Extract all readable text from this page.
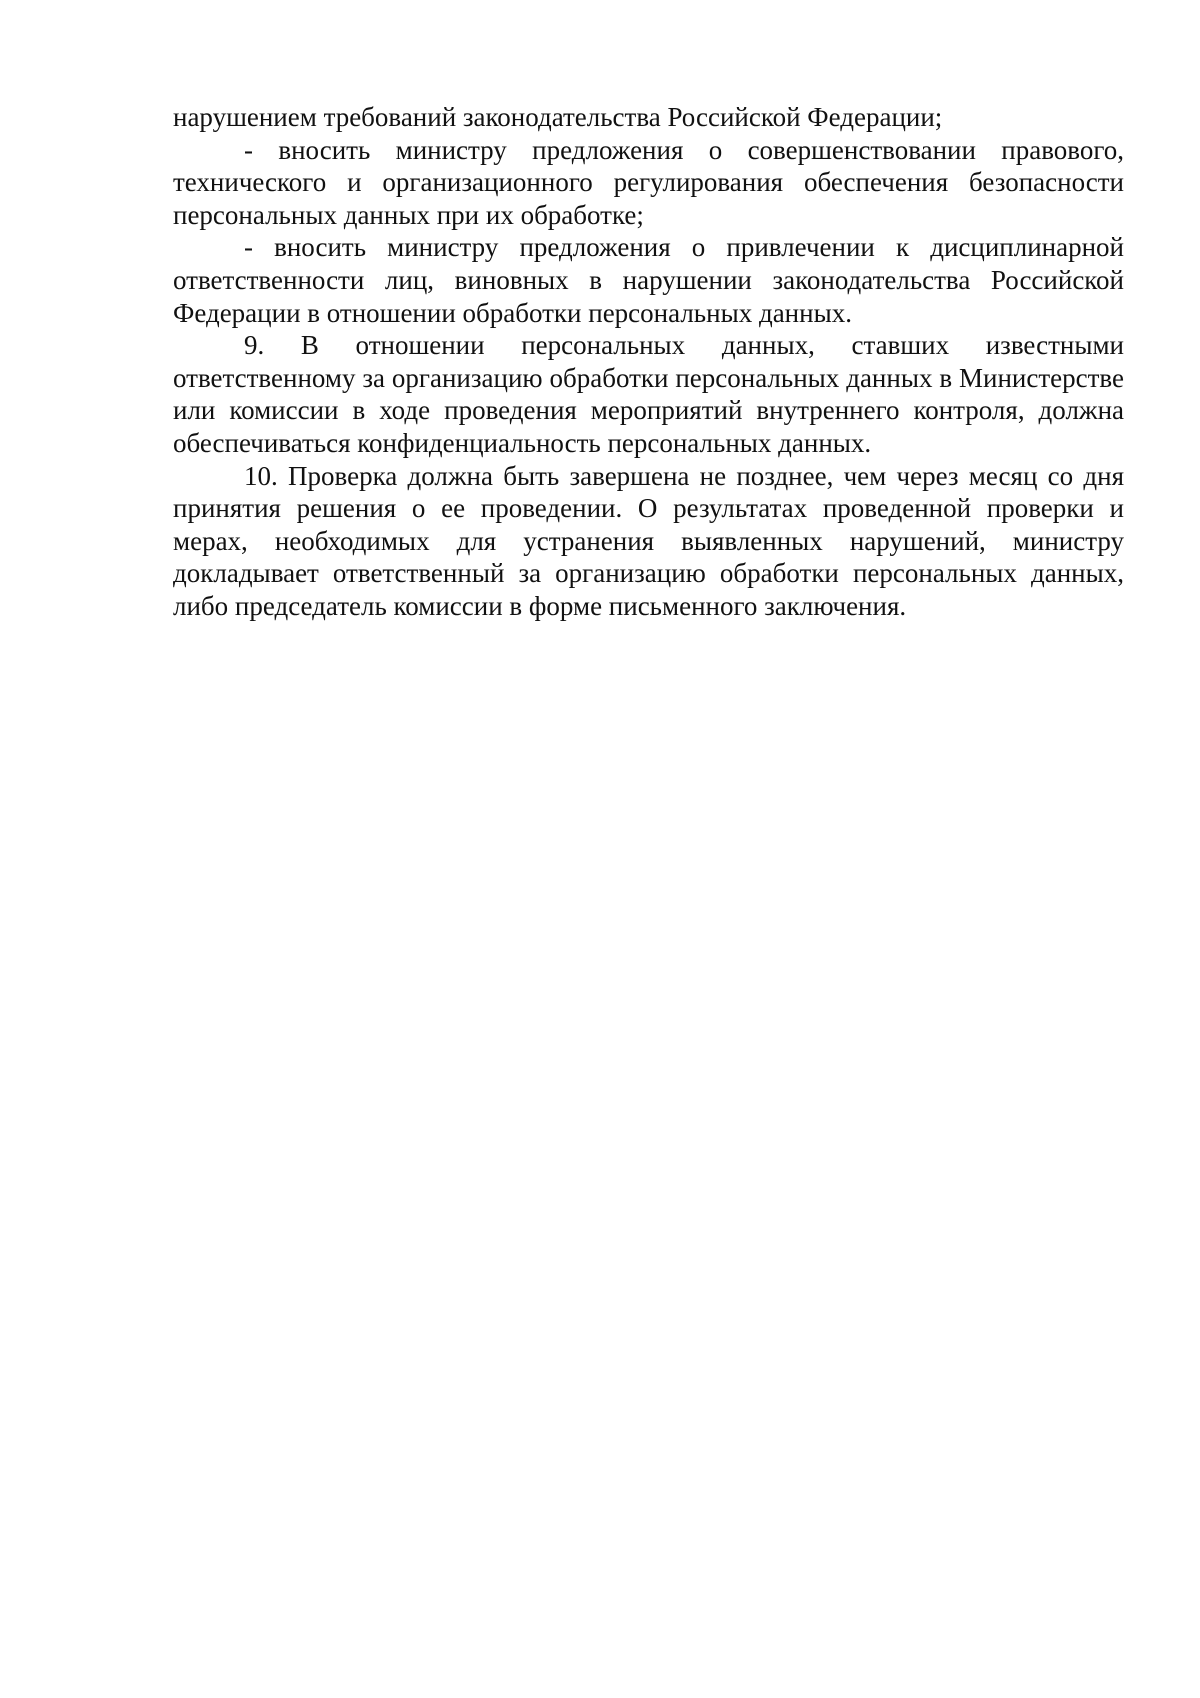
нарушением требований законодательства Российской Федерации;

- вносить министру предложения о совершенствовании правового, технического и организационного регулирования обеспечения безопасности персональных данных при их обработке;

- вносить министру предложения о привлечении к дисциплинарной ответственности лиц, виновных в нарушении законодательства Российской Федерации в отношении обработки персональных данных.

9. В отношении персональных данных, ставших известными ответственному за организацию обработки персональных данных в Министерстве или комиссии в ходе проведения мероприятий внутреннего контроля, должна обеспечиваться конфиденциальность персональных данных.

10. Проверка должна быть завершена не позднее, чем через месяц со дня принятия решения о ее проведении. О результатах проведенной проверки и мерах, необходимых для устранения выявленных нарушений, министру докладывает ответственный за организацию обработки персональных данных, либо председатель комиссии в форме письменного заключения.
